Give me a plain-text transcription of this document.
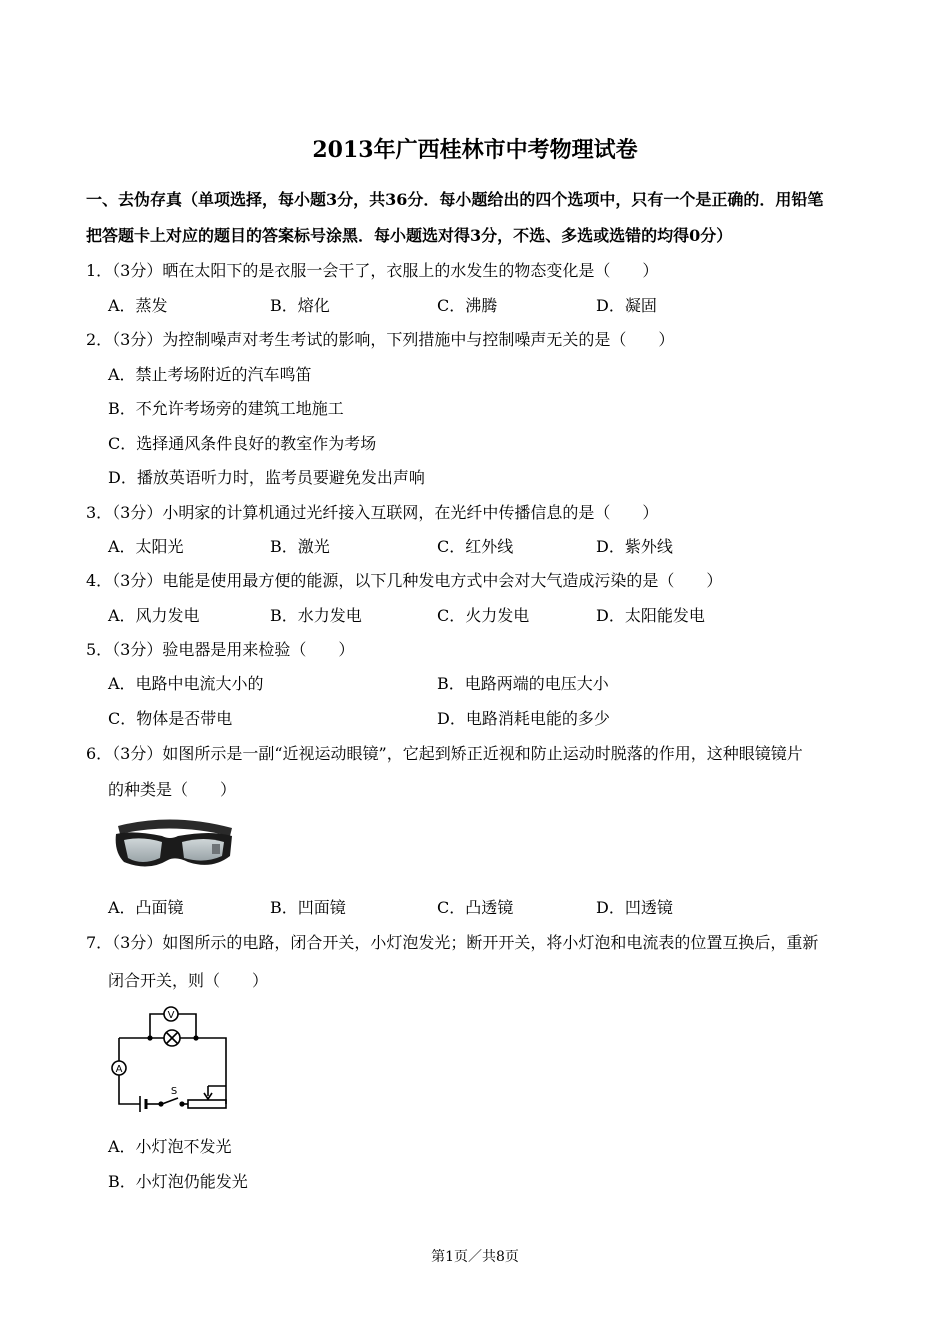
2013年广西桂林市中考物理试卷
一、去伪存真（单项选择，每小题3分，共36分．每小题给出的四个选项中，只有一个是正确的．用铅笔
把答题卡上对应的题目的答案标号涂黑．每小题选对得3分，不选、多选或选错的均得0分）
1．（3分）晒在太阳下的是衣服一会干了，衣服上的水发生的物态变化是（　　）
A．蒸发	B．熔化	C．沸腾	D．凝固
2．（3分）为控制噪声对考生考试的影响，下列措施中与控制噪声无关的是（　　）
A．禁止考场附近的汽车鸣笛
B．不允许考场旁的建筑工地施工
C．选择通风条件良好的教室作为考场
D．播放英语听力时，监考员要避免发出声响
3．（3分）小明家的计算机通过光纤接入互联网，在光纤中传播信息的是（　　）
A．太阳光	B．激光	C．红外线	D．紫外线
4．（3分）电能是使用最方便的能源，以下几种发电方式中会对大气造成污染的是（　　）
A．风力发电	B．水力发电	C．火力发电	D．太阳能发电
5．（3分）验电器是用来检验（　　）
A．电路中电流大小的	B．电路两端的电压大小
C．物体是否带电	D．电路消耗电能的多少
6．（3分）如图所示是一副“近视运动眼镜”，它起到矫正近视和防止运动时脱落的作用，这种眼镜镜片
的种类是（　　）
A．凸面镜	B．凹面镜	C．凸透镜	D．凹透镜
7．（3分）如图所示的电路，闭合开关，小灯泡发光；断开开关，将小灯泡和电流表的位置互换后，重新
闭合开关，则（　　）
V
A
S
A．小灯泡不发光
B．小灯泡仍能发光
第1页／共8页
